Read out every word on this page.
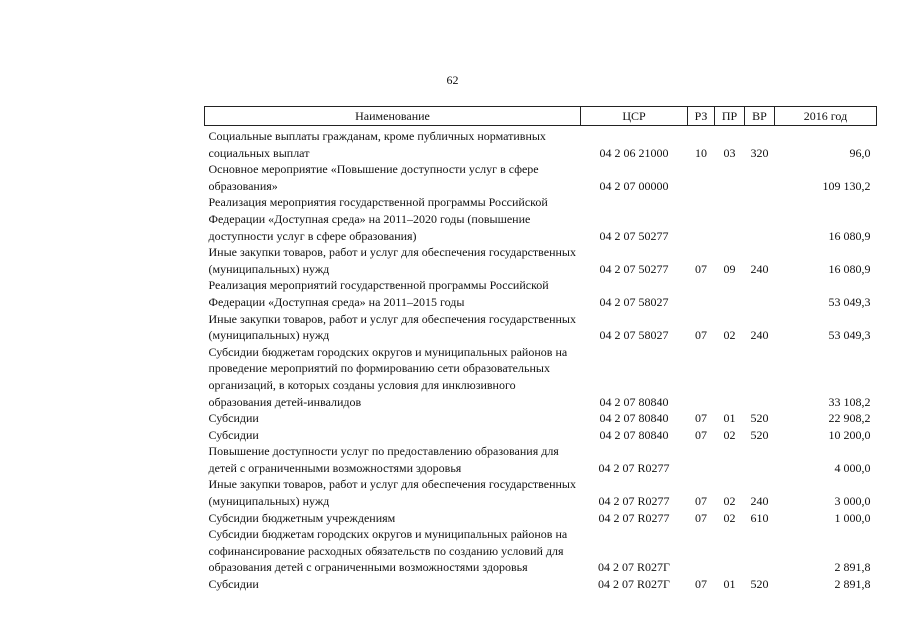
62
Наименование	ЦСР	РЗ	ПР	ВР	2016 год
Социальные выплаты гражданам, кроме публичных нормативных социальных выплат	04 2 06 21000	10	03	320	96,0
Основное мероприятие «Повышение доступности услуг в сфере образования»	04 2 07 00000				109 130,2
Реализация мероприятия государственной программы Российской Федерации «Доступная среда» на 2011–2020 годы (повышение доступности услуг в сфере образования)	04 2 07 50277				16 080,9
Иные закупки товаров, работ и услуг для обеспечения государственных (муниципальных) нужд	04 2 07 50277	07	09	240	16 080,9
Реализация мероприятий государственной программы Российской Федерации «Доступная среда» на 2011–2015 годы	04 2 07 58027				53 049,3
Иные закупки товаров, работ и услуг для обеспечения государственных (муниципальных) нужд	04 2 07 58027	07	02	240	53 049,3
Субсидии бюджетам городских округов и муниципальных районов на проведение мероприятий по формированию сети образовательных организаций, в которых созданы условия для инклюзивного образования детей-инвалидов	04 2 07 80840				33 108,2
Субсидии	04 2 07 80840	07	01	520	22 908,2
Субсидии	04 2 07 80840	07	02	520	10 200,0
Повышение доступности услуг по предоставлению образования для детей с ограниченными возможностями здоровья	04 2 07 R0277				4 000,0
Иные закупки товаров, работ и услуг для обеспечения государственных (муниципальных) нужд	04 2 07 R0277	07	02	240	3 000,0
Субсидии бюджетным учреждениям	04 2 07 R0277	07	02	610	1 000,0
Субсидии бюджетам городских округов и муниципальных районов на софинансирование расходных обязательств по созданию условий для образования детей с ограниченными возможностями здоровья	04 2 07 R027Г				2 891,8
Субсидии	04 2 07 R027Г	07	01	520	2 891,8
